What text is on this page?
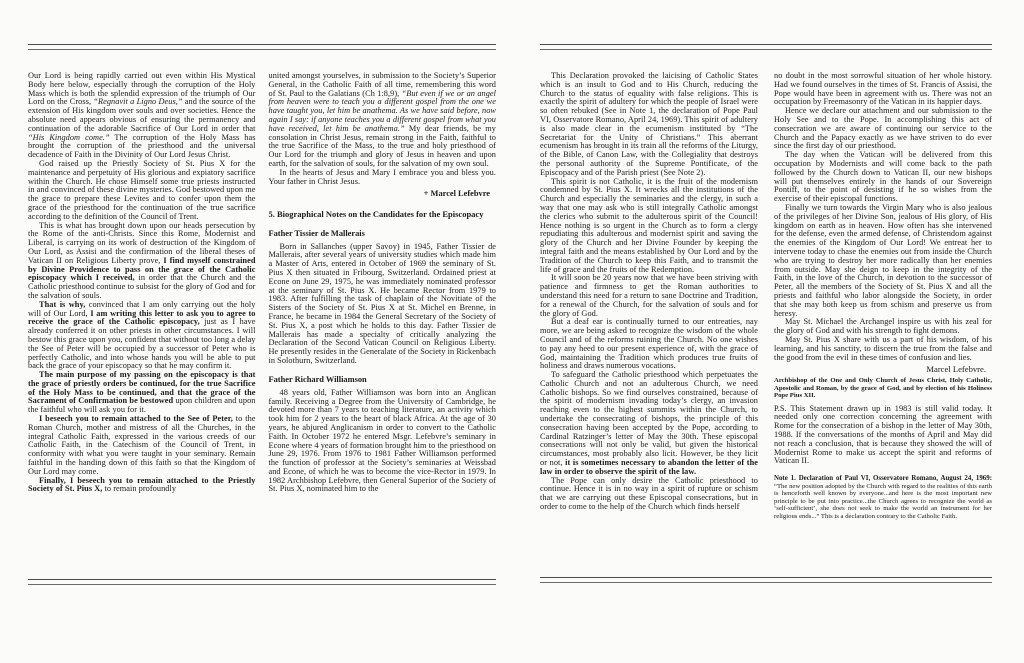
Our Lord is being rapidly carried out even within His Mystical Body here below, especially through the corruption of the Holy Mass which is both the splendid expression of the triumph of Our Lord on the Cross, “Regnavit a Ligno Deus,” and the source of the extension of His kingdom over souls and over societies. Hence the absolute need appears obvious of ensuring the permanency and continuation of the adorable Sacrifice of Our Lord in order that “His Kingdom come.” The corruption of the Holy Mass has brought the corruption of the priesthood and the universal decadence of Faith in the Divinity of Our Lord Jesus Christ.

God raised up the Priestly Society of St. Pius X for the maintenance and perpetuity of His glorious and expiatory sacrifice within the Church. He chose Himself some true priests instructed in and convinced of these divine mysteries. God bestowed upon me the grace to prepare these Levites and to confer upon them the grace of the priesthood for the continuation of the true sacrifice according to the definition of the Council of Trent.

This is what has brought down upon our heads persecution by the Rome of the anti-Christs. Since this Rome, Modernist and Liberal, is carrying on its work of destruction of the Kingdom of Our Lord, as Assisi and the confirmation of the liberal theses of Vatican II on Religious Liberty prove, I find myself constrained by Divine Providence to pass on the grace of the Catholic episcopacy which I received, in order that the Church and the Catholic priesthood continue to subsist for the glory of God and for the salvation of souls.

That is why, convinced that I am only carrying out the holy will of Our Lord, I am writing this letter to ask you to agree to receive the grace of the Catholic episcopacy, just as I have already conferred it on other priests in other circumstances. I will bestow this grace upon you, confident that without too long a delay the See of Peter will be occupied by a successor of Peter who is perfectly Catholic, and into whose hands you will be able to put back the grace of your episcopacy so that he may confirm it.

The main purpose of my passing on the episcopacy is that the grace of priestly orders be continued, for the true Sacrifice of the Holy Mass to be continued, and that the grace of the Sacrament of Confirmation be bestowed upon children and upon the faithful who will ask you for it.

I beseech you to remain attached to the See of Peter, to the Roman Church, mother and mistress of all the Churches, in the integral Catholic Faith, expressed in the various creeds of our Catholic Faith, in the Catechism of the Council of Trent, in conformity with what you were taught in your seminary. Remain faithful in the handing down of this faith so that the Kingdom of Our Lord may come.

Finally, I beseech you to remain attached to the Priestly Society of St. Pius X, to remain profoundly

united amongst yourselves, in submission to the Society’s Superior General, in the Catholic Faith of all time, remembering this word of St. Paul to the Galatians (Ch 1:8,9), “But even if we or an angel from heaven were to teach you a different gospel from the one we have taught you, let him be anathema. As we have said before, now again I say: if anyone teaches you a different gospel from what you have received, let him be anathema.” My dear friends, be my consolation in Christ Jesus, remain strong in the Faith, faithful to the true Sacrifice of the Mass, to the true and holy priesthood of Our Lord for the triumph and glory of Jesus in heaven and upon earth, for the salvation of souls, for the salvation of my own soul.

In the hearts of Jesus and Mary I embrace you and bless you. Your father in Christ Jesus.

+ Marcel Lefebvre

5. Biographical Notes on the Candidates for the Episcopacy

Father Tissier de Mallerais

Born in Sallanches (upper Savoy) in 1945, Father Tissier de Mallerais, after several years of university studies which made him a Master of Arts, entered in October of 1969 the seminary of St. Pius X then situated in Fribourg, Switzerland. Ordained priest at Econe on June 29, 1975, he was immediately nominated professor at the seminary of St. Pius X. He became Rector from 1979 to 1983. After fulfilling the task of chaplain of the Novitiate of the Sisters of the Society of St. Pius X at St. Michel en Brenne, in France, he became in 1984 the General Secretary of the Society of St. Pius X, a post which he holds to this day. Father Tissier de Mallerais has made a specialty of critically analyzing the Declaration of the Second Vatican Council on Religious Liberty. He presently resides in the Generalate of the Society in Rickenbach in Solothurn, Switzerland.

Father Richard Williamson

48 years old, Father Williamson was born into an Anglican family. Receiving a Degree from the University of Cambridge, he devoted more than 7 years to teaching literature, an activity which took him for 2 years to the heart of black Africa. At the age of 30 years, he abjured Anglicanism in order to convert to the Catholic Faith. In October 1972 he entered Msgr. Lefebvre’s seminary in Econe where 4 years of formation brought him to the priesthood on June 29, 1976. From 1976 to 1981 Father Williamson performed the function of professor at the Society’s seminaries at Weissbad and Econe, of which he was to become the vice-Rector in 1979. In 1982 Archbishop Lefebvre, then General Superior of the Society of St. Pius X, nominated him to the

This Declaration provoked the laicising of Catholic States which is an insult to God and to His Church, reducing the Church to the status of equality with false religions. This is exactly the spirit of adultery for which the people of Israel were so often rebuked (See in Note 1, the declaration of Pope Paul VI, Osservatore Romano, April 24, 1969). This spirit of adultery is also made clear in the ecumenism instituted by “The Secretariat for the Unity of Christians.” This aberrant ecumenism has brought in its train all the reforms of the Liturgy, of the Bible, of Canon Law, with the Collegiality that destroys the personal authority of the Supreme Pontificate, of the Episcopacy and of the Parish priest (See Note 2).

This spirit is not Catholic, it is the fruit of the modernism condemned by St. Pius X. It wrecks all the institutions of the Church and especially the seminaries and the clergy, in such a way that one may ask who is still integrally Catholic amongst the clerics who submit to the adulterous spirit of the Council! Hence nothing is so urgent in the Church as to form a clergy repudiating this adulterous and modernist spirit and saving the glory of the Church and her Divine Founder by keeping the integral faith and the means established by Our Lord and by the Tradition of the Church to keep this Faith, and to transmit the life of grace and the fruits of the Redemption.

It will soon be 20 years now that we have been striving with patience and firmness to get the Roman authorities to understand this need for a return to sane Doctrine and Tradition, for a renewal of the Church, for the salvation of souls and for the glory of God.

But a deaf ear is continually turned to our entreaties, nay more, we are being asked to recognize the wisdom of the whole Council and of the reforms ruining the Church. No one wishes to pay any heed to our present experience of, with the grace of God, maintaining the Tradition which produces true fruits of holiness and draws numerous vocations.

To safeguard the Catholic priesthood which perpetuates the Catholic Church and not an adulterous Church, we need Catholic bishops. So we find ourselves constrained, because of the spirit of modernism invading today’s clergy, an invasion reaching even to the highest summits within the Church, to undertake the consecrating of bishops, the principle of this consecration having been accepted by the Pope, according to Cardinal Ratzinger’s letter of May the 30th. These episcopal consecrations will not only be valid, but given the historical circumstances, most probably also licit. However, be they licit or not, it is sometimes necessary to abandon the letter of the law in order to observe the spirit of the law.

The Pope can only desire the Catholic priesthood to continue. Hence it is in no way in a spirit of rupture or schism that we are carrying out these Episcopal consecrations, but in order to come to the help of the Church which finds herself

no doubt in the most sorrowful situation of her whole history. Had we found ourselves in the times of St. Francis of Assisi, the Pope would have been in agreement with us. There was not an occupation by Freemasonry of the Vatican in its happier days.

Hence we declare our attachment and our submission to the Holy See and to the Pope. In accomplishing this act of consecration we are aware of continuing our service to the Church and the Papacy exactly as we have striven to do ever since the first day of our priesthood.

The day when the Vatican will be delivered from this occupation by Modernists and will come back to the path followed by the Church down to Vatican II, our new bishops will put themselves entirely in the hands of our Sovereign Pontiff, to the point of desisting if he so wishes from the exercise of their episcopal functions.

Finally we turn towards the Virgin Mary who is also jealous of the privileges of her Divine Son, jealous of His glory, of His kingdom on earth as in heaven. How often has she intervened for the defense, even the armed defense, of Christendom against the enemies of the Kingdom of Our Lord! We entreat her to intervene today to chase the enemies out from inside the Church who are trying to destroy her more radically than her enemies from outside. May she deign to keep in the integrity of the Faith, in the love of the Church, in devotion to the successor of Peter, all the members of the Society of St. Pius X and all the priests and faithful who labor alongside the Society, in order that she may both keep us from schism and preserve us from heresy.

May St. Michael the Archangel inspire us with his zeal for the glory of God and with his strength to fight demons.

May St. Pius X share with us a part of his wisdom, of his learning, and his sanctity, to discern the true from the false and the good from the evil in these times of confusion and lies.

Marcel Lefebvre.

Archbishop of the One and Only Church of Jesus Christ, Holy Catholic, Apostolic and Roman, by the grace of God, and by election of his Holiness Pope Pius XII.

P.S. This Statement drawn up in 1983 is still valid today. It needed only one correction concerning the agreement with Rome for the consecration of a bishop in the letter of May 30th, 1988. If the conversations of the months of April and May did not reach a conclusion, that is because they showed the will of Modernist Rome to make us accept the spirit and reforms of Vatican II.

Note 1. Declaration of Paul VI, Osservatore Romano, August 24, 1969: “The new position adopted by the Church with regard to the realities of this earth is henceforth well known by everyone...and here is the most important new principle to be put into practice...the Church agrees to recognize the world as ‘self-sufficient’, she does not seek to make the world an instrument for her religious ends...” This is a declaration contrary to the Catholic Faith.
